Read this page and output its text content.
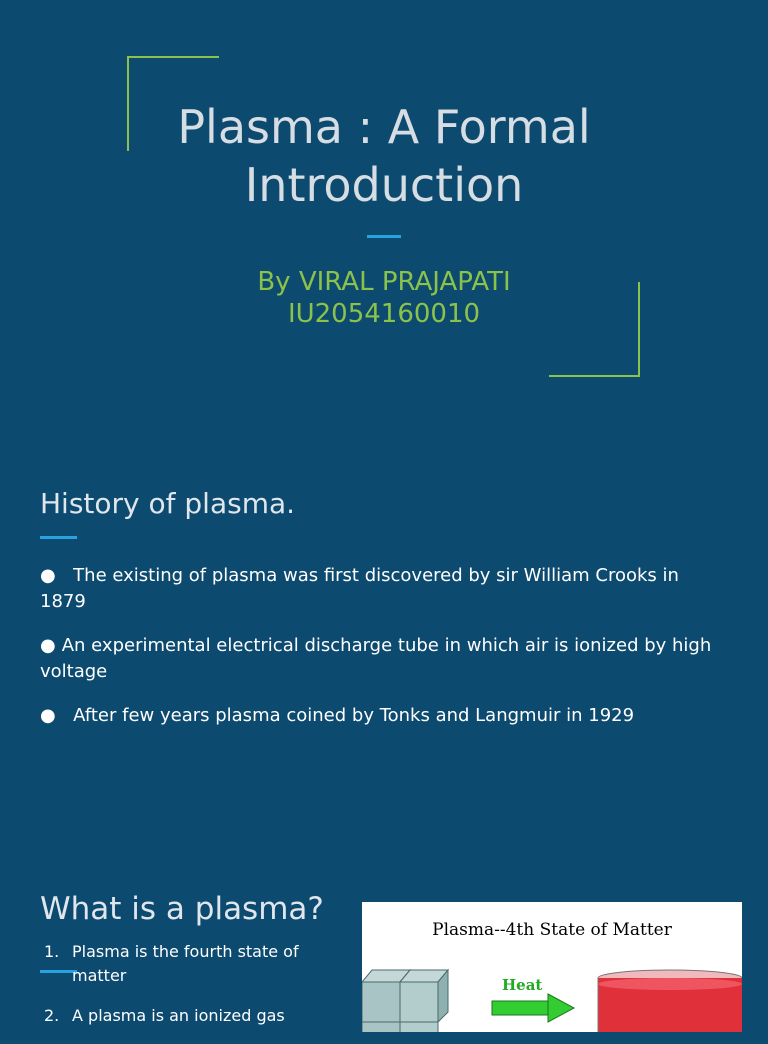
Plasma : A Formal Introduction
By VIRAL PRAJAPATI
IU2054160010
History of plasma.
● The existing of plasma was first discovered by sir William Crooks in 1879
● An experimental electrical discharge tube in which air is ionized by high voltage
● After few years plasma coined by Tonks and Langmuir in 1929
What is a plasma?
1. Plasma is the fourth state of matter
2. A plasma is an ionized gas
Plasma--4th State of Matter
Heat
